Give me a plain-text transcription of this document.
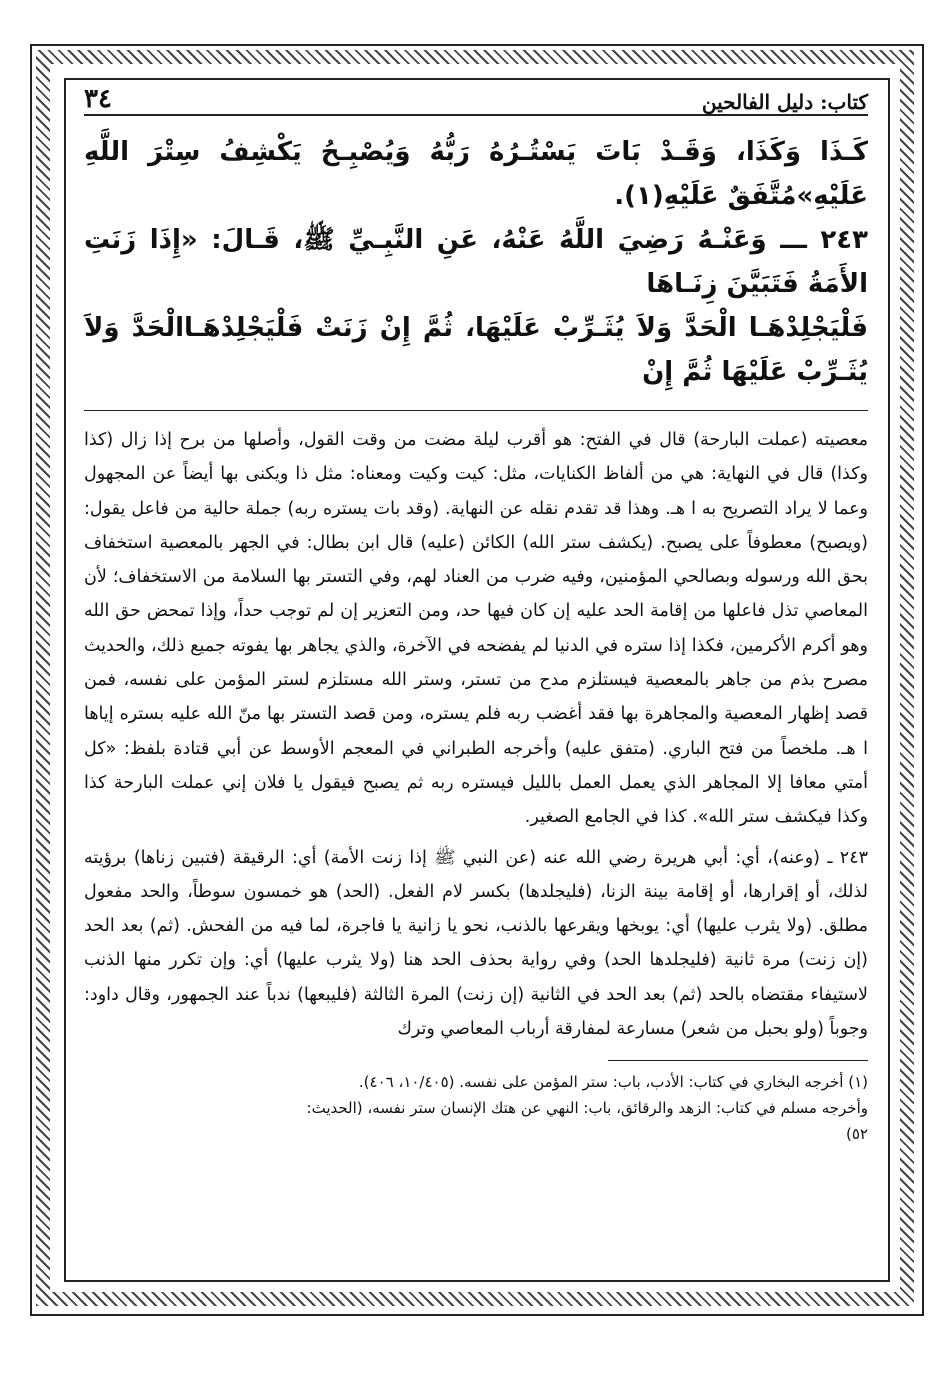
كتاب: دليل الفالحين
٣٤
كَـذَا وَكَذَا، وَقَـدْ بَاتَ يَسْتُـرُهُ رَبُّهُ وَيُصْبِـحُ يَكْشِفُ سِتْرَ اللَّهِ عَلَيْهِ»مُتَّفَقٌ عَلَيْهِ(١).
٢٤٣ ـــ وَعَنْـهُ رَضِيَ اللَّهُ عَنْهُ، عَنِ النَّبِـيِّ ﷺ، قَـالَ: «إِذَا زَنَتِ الأَمَةُ فَتَبَيَّنَ زِنَـاهَا
فَلْيَجْلِدْهَـا الْحَدَّ وَلاَ يُثَـرِّبْ عَلَيْهَا، ثُمَّ إِنْ زَنَتْ فَلْيَجْلِدْهَـاالْحَدَّ وَلاَ يُثَـرِّبْ عَلَيْهَا ثُمَّ إِنْ

معصيته (عملت البارحة) قال في الفتح: هو أقرب ليلة مضت من وقت القول، وأصلها من برح إذا زال (كذا وكذا) قال في النهاية: هي من ألفاظ الكنايات، مثل: كيت وكيت ومعناه: مثل ذا ويكنى بها أيضاً عن المجهول وعما لا يراد التصريح به ا هـ. وهذا قد تقدم نقله عن النهاية. (وقد بات يستره ربه) جملة حالية من فاعل يقول: (ويصبح) معطوفاً على يصبح. (يكشف ستر الله) الكائن (عليه) قال ابن بطال: في الجهر بالمعصية استخفاف بحق الله ورسوله وبصالحي المؤمنين، وفيه ضرب من العناد لهم، وفي التستر بها السلامة من الاستخفاف؛ لأن المعاصي تذل فاعلها من إقامة الحد عليه إن كان فيها حد، ومن التعزير إن لم توجب حداً، وإذا تمحض حق الله وهو أكرم الأكرمين، فكذا إذا ستره في الدنيا لم يفضحه في الآخرة، والذي يجاهر بها يفوته جميع ذلك، والحديث مصرح بذم من جاهر بالمعصية فيستلزم مدح من تستر، وستر الله مستلزم لستر المؤمن على نفسه، فمن قصد إظهار المعصية والمجاهرة بها فقد أغضب ربه فلم يستره، ومن قصد التستر بها منّ الله عليه بستره إياها ا هـ. ملخصاً من فتح الباري. (متفق عليه) وأخرجه الطبراني في المعجم الأوسط عن أبي قتادة بلفظ: «كل أمتي معافا إلا المجاهر الذي يعمل العمل بالليل فيستره ربه ثم يصبح فيقول يا فلان إني عملت البارحة كذا وكذا فيكشف ستر الله». كذا في الجامع الصغير.

٢٤٣ ـ (وعنه)، أي: أبي هريرة رضي الله عنه (عن النبي ﷺ إذا زنت الأمة) أي: الرقيقة (فتبين زناها) برؤيته لذلك، أو إقرارها، أو إقامة بينة الزنا، (فليجلدها) بكسر لام الفعل. (الحد) هو خمسون سوطاً، والحد مفعول مطلق. (ولا يثرب عليها) أي: يوبخها ويقرعها بالذنب، نحو يا زانية يا فاجرة، لما فيه من الفحش. (ثم) بعد الحد (إن زنت) مرة ثانية (فليجلدها الحد) وفي رواية بحذف الحد هنا (ولا يثرب عليها) أي: وإن تكرر منها الذنب لاستيفاء مقتضاه بالحد (ثم) بعد الحد في الثانية (إن زنت) المرة الثالثة (فليبعها) ندباً عند الجمهور، وقال داود: وجوباً (ولو بحبل من شعر) مسارعة لمفارقة أرباب المعاصي وترك

(١) أخرجه البخاري في كتاب: الأدب، باب: ستر المؤمن على نفسه. (١٠/٤٠٥، ٤٠٦).

وأخرجه مسلم في كتاب: الزهد والرقائق، باب: النهي عن هتك الإنسان ستر نفسه، (الحديث:

٥٢)
